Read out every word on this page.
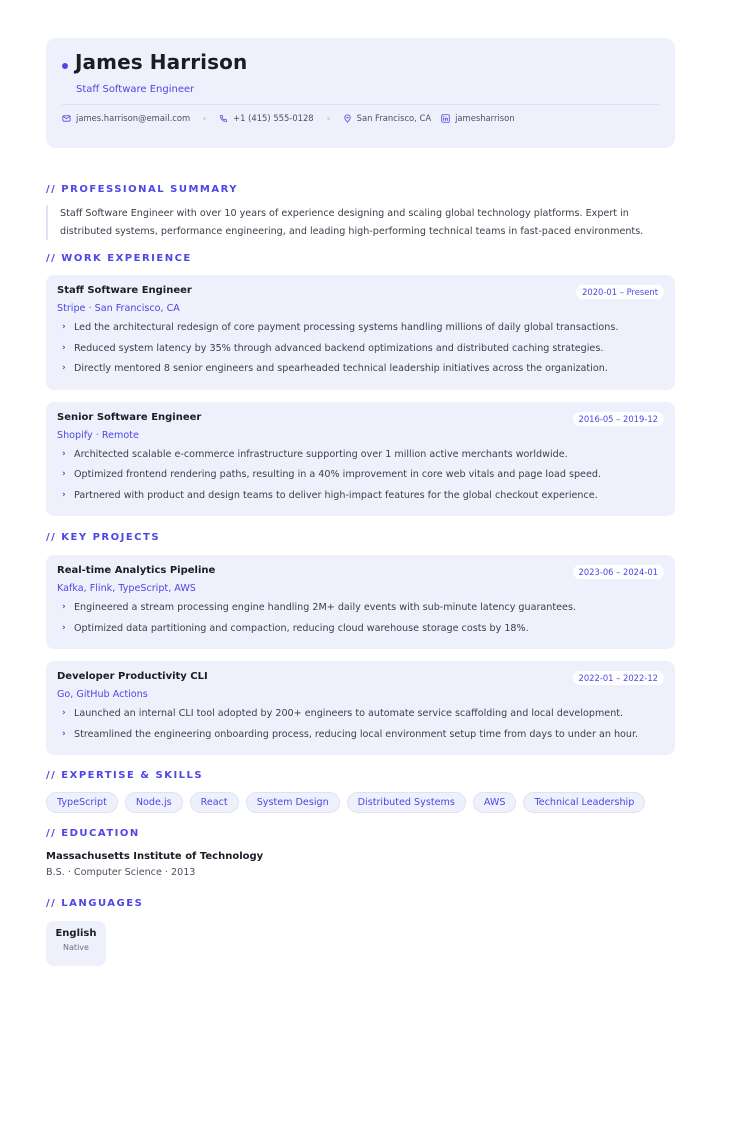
James Harrison
Staff Software Engineer
james.harrison@email.com	+1 (415) 555-0128	San Francisco, CA	jamesharrison
// PROFESSIONAL SUMMARY

Staff Software Engineer with over 10 years of experience designing and scaling global technology platforms. Expert in distributed systems, performance engineering, and leading high-performing technical teams in fast-paced environments.

// WORK EXPERIENCE
Staff Software Engineer
Stripe · San Francisco, CA
2020-01 – Present
› Led the architectural redesign of core payment processing systems handling millions of daily global transactions.
› Reduced system latency by 35% through advanced backend optimizations and distributed caching strategies.
› Directly mentored 8 senior engineers and spearheaded technical leadership initiatives across the organization.
Senior Software Engineer
Shopify · Remote
2016-05 – 2019-12
› Architected scalable e-commerce infrastructure supporting over 1 million active merchants worldwide.
› Optimized frontend rendering paths, resulting in a 40% improvement in core web vitals and page load speed.
› Partnered with product and design teams to deliver high-impact features for the global checkout experience.
// KEY PROJECTS
Real-time Analytics Pipeline
Kafka, Flink, TypeScript, AWS
2023-06 – 2024-01
› Engineered a stream processing engine handling 2M+ daily events with sub-minute latency guarantees.
› Optimized data partitioning and compaction, reducing cloud warehouse storage costs by 18%.
Developer Productivity CLI
Go, GitHub Actions
2022-01 – 2022-12
› Launched an internal CLI tool adopted by 200+ engineers to automate service scaffolding and local development.
› Streamlined the engineering onboarding process, reducing local environment setup time from days to under an hour.
// EXPERTISE & SKILLS
TypeScript	Node.js	React	System Design	Distributed Systems	AWS	Technical Leadership
// EDUCATION
Massachusetts Institute of Technology
B.S. · Computer Science · 2013
// LANGUAGES
English
Native
